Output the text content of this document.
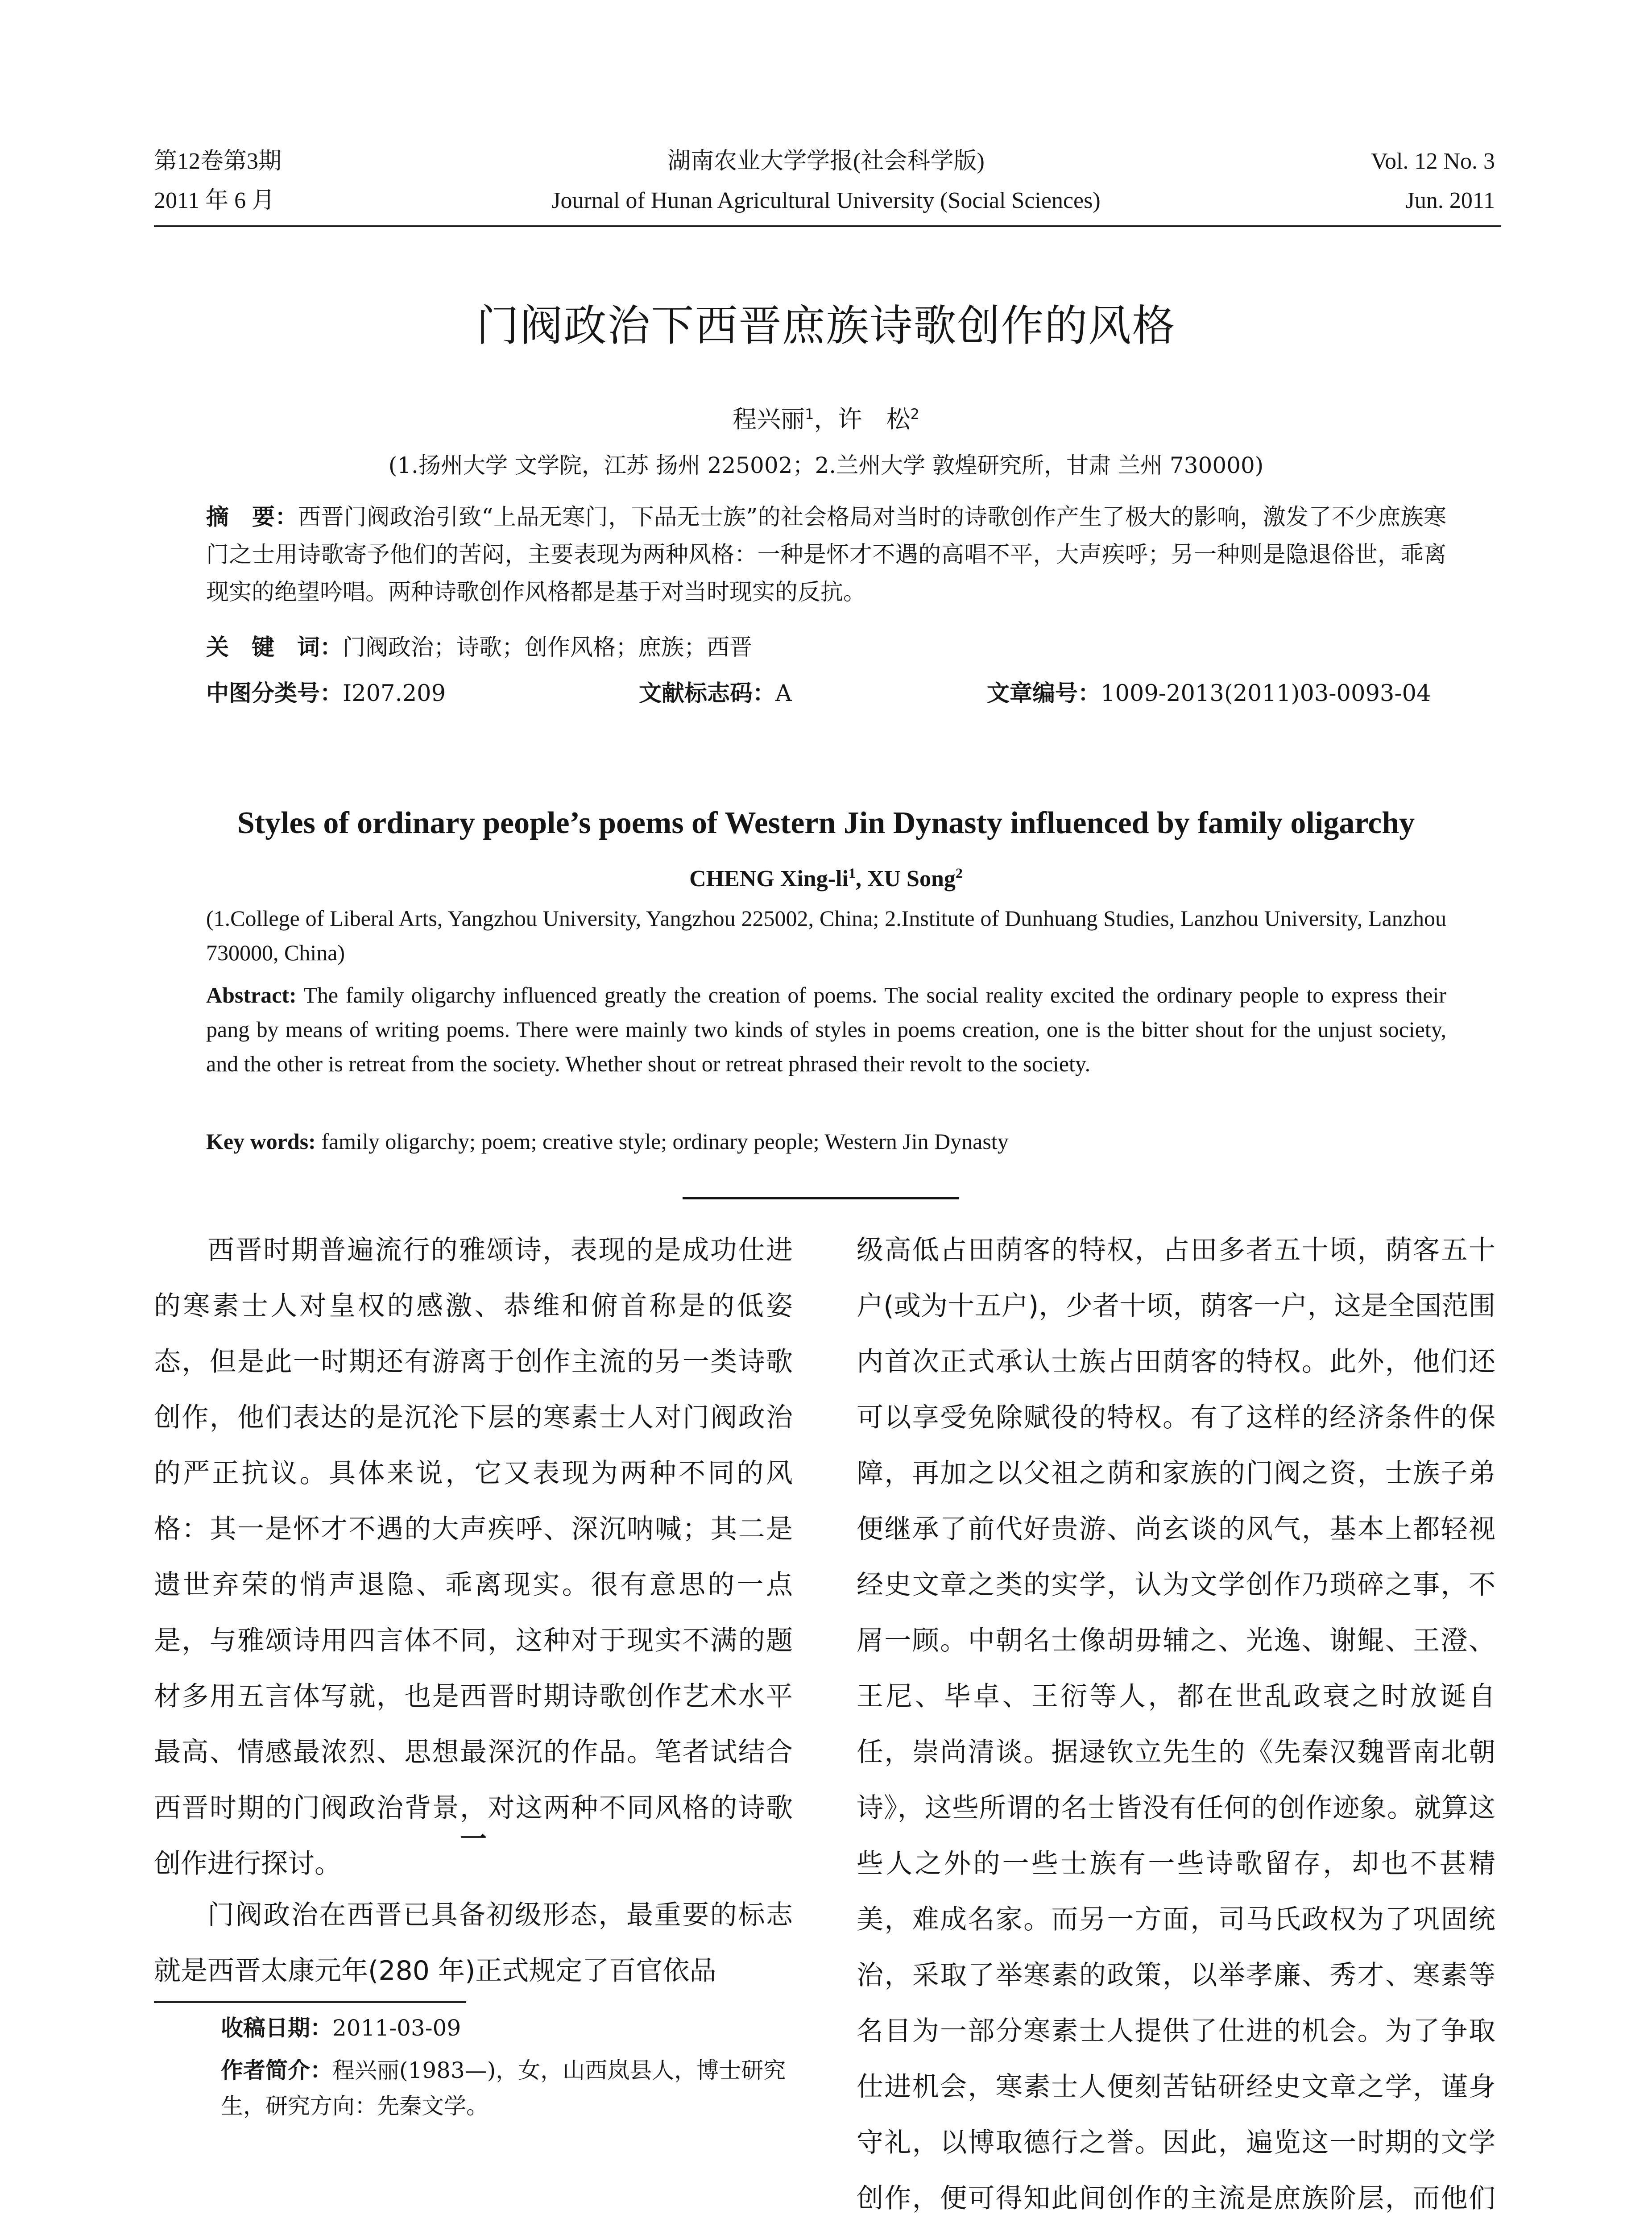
第12卷第3期
2011 年 6 月
湖南农业大学学报(社会科学版)
Journal of Hunan Agricultural University (Social Sciences)
Vol. 12 No. 3
Jun. 2011
门阀政治下西晋庶族诗歌创作的风格
程兴丽$^1$，许　松$^2$
(1.扬州大学 文学院，江苏 扬州 225002；2.兰州大学 敦煌研究所，甘肃 兰州 730000)
摘　要：西晋门阀政治引致“上品无寒门，下品无士族”的社会格局对当时的诗歌创作产生了极大的影响，激发了不少庶族寒门之士用诗歌寄予他们的苦闷，主要表现为两种风格：一种是怀才不遇的高唱不平，大声疾呼；另一种则是隐退俗世，乖离现实的绝望吟唱。两种诗歌创作风格都是基于对当时现实的反抗。
关　键　词：门阀政治；诗歌；创作风格；庶族；西晋
中图分类号：I207.209	文献标志码：A	文章编号：1009-2013(2011)03-0093-04
Styles of ordinary people’s poems of Western Jin Dynasty influenced by family oligarchy
CHENG Xing-$li^1$, XU Song$^2$
(1.College of Liberal Arts, Yangzhou University, Yangzhou 225002, China; 2.Institute of Dunhuang Studies, Lanzhou University, Lanzhou 730000, China)
Abstract: The family oligarchy influenced greatly the creation of poems. The social reality excited the ordinary people to express their pang by means of writing poems. There were mainly two kinds of styles in poems creation, one is the bitter shout for the unjust society, and the other is retreat from the society. Whether shout or retreat phrased their revolt to the society.
Key words: family oligarchy; poem; creative style; ordinary people; Western Jin Dynasty

西晋时期普遍流行的雅颂诗，表现的是成功仕进的寒素士人对皇权的感激、恭维和俯首称是的低姿态，但是此一时期还有游离于创作主流的另一类诗歌创作，他们表达的是沉沦下层的寒素士人对门阀政治的严正抗议。具体来说，它又表现为两种不同的风格：其一是怀才不遇的大声疾呼、深沉呐喊；其二是遗世弃荣的悄声退隐、乖离现实。很有意思的一点是，与雅颂诗用四言体不同，这种对于现实不满的题材多用五言体写就，也是西晋时期诗歌创作艺术水平最高、情感最浓烈、思想最深沉的作品。笔者试结合西晋时期的门阀政治背景，对这两种不同风格的诗歌创作进行探讨。

一

门阀政治在西晋已具备初级形态，最重要的标志就是西晋太康元年(280 年)正式规定了百官依品

级高低占田荫客的特权，占田多者五十顷，荫客五十户(或为十五户)，少者十顷，荫客一户，这是全国范围内首次正式承认士族占田荫客的特权。此外，他们还可以享受免除赋役的特权。有了这样的经济条件的保障，再加之以父祖之荫和家族的门阀之资，士族子弟便继承了前代好贵游、尚玄谈的风气，基本上都轻视经史文章之类的实学，认为文学创作乃琐碎之事，不屑一顾。中朝名士像胡毋辅之、光逸、谢鲲、王澄、王尼、毕卓、王衍等人，都在世乱政衰之时放诞自任，崇尚清谈。据逯钦立先生的《先秦汉魏晋南北朝诗》，这些所谓的名士皆没有任何的创作迹象。就算这些人之外的一些士族有一些诗歌留存，却也不甚精美，难成名家。而另一方面，司马氏政权为了巩固统治，采取了举寒素的政策，以举孝廉、秀才、寒素等名目为一部分寒素士人提供了仕进的机会。为了争取仕进机会，寒素士人便刻苦钻研经史文章之学，谨身守礼，以博取德行之誉。因此，遍览这一时期的文学创作，便可得知此间创作的主流是庶族阶层，而他们

收稿日期：2011-03-09
作者简介：程兴丽(1983—)，女，山西岚县人，博士研究生，研究方向：先秦文学。
